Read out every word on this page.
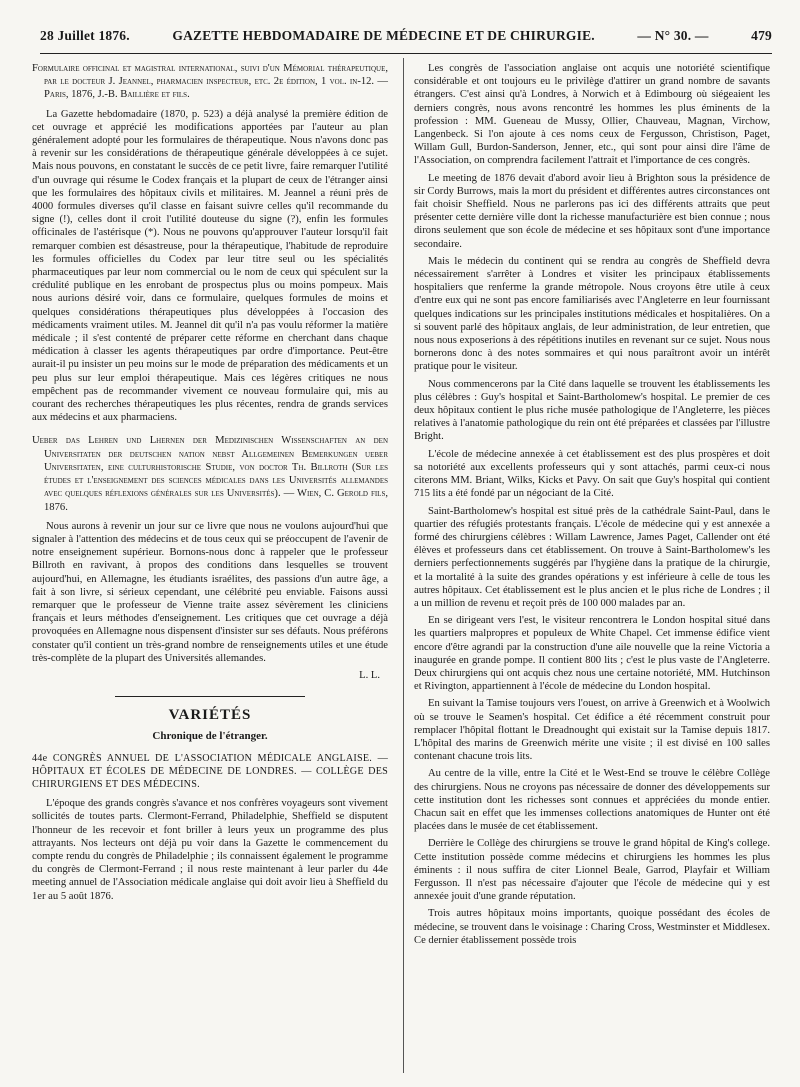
28 Juillet 1876.	GAZETTE HEBDOMADAIRE DE MÉDECINE ET DE CHIRURGIE.	— N° 30. —	479

Formulaire officinal et magistral international, suivi d'un Mémorial thérapeutique, par le docteur J. Jeannel, pharmacien inspecteur, etc. 2e édition, 1 vol. in-12. — Paris, 1876, J.-B. Baillière et fils.

La Gazette hebdomadaire (1870, p. 523) a déjà analysé la première édition de cet ouvrage et apprécié les modifications apportées par l'auteur au plan généralement adopté pour les formulaires de thérapeutique. Nous n'avons donc pas à revenir sur les considérations de thérapeutique générale développées à ce sujet. Mais nous pouvons, en constatant le succès de ce petit livre, faire remarquer l'utilité d'un ouvrage qui résume le Codex français et la plupart de ceux de l'étranger ainsi que les formulaires des hôpitaux civils et militaires. M. Jeannel a réuni près de 4000 formules diverses qu'il classe en faisant suivre celles qu'il recommande du signe (!), celles dont il croit l'utilité douteuse du signe (?), enfin les formules officinales de l'astérisque (*). Nous ne pouvons qu'approuver l'auteur lorsqu'il fait remarquer combien est désastreuse, pour la thérapeutique, l'habitude de reproduire les formules officielles du Codex par leur titre seul ou les spécialités pharmaceutiques par leur nom commercial ou le nom de ceux qui spéculent sur la crédulité publique en les enrobant de prospectus plus ou moins pompeux. Mais nous aurions désiré voir, dans ce formulaire, quelques formules de moins et quelques considérations thérapeutiques plus développées à l'occasion des médicaments vraiment utiles. M. Jeannel dit qu'il n'a pas voulu réformer la matière médicale ; il s'est contenté de préparer cette réforme en cherchant dans chaque médication à classer les agents thérapeutiques par ordre d'importance. Peut-être aurait-il pu insister un peu moins sur le mode de préparation des médicaments et un peu plus sur leur emploi thérapeutique. Mais ces légères critiques ne nous empêchent pas de recommander vivement ce nouveau formulaire qui, mis au courant des recherches thérapeutiques les plus récentes, rendra de grands services aux médecins et aux pharmaciens.

Ueber das Lehren und Lhernen der Medizinischen Wissenschaften an den Universitaten der deutschen nation nebst Allgemeinen Bemerkungen ueber Universitaten, eine culturhistorische Studie, von doctor Th. Billroth (Sur les études et l'enseignement des sciences médicales dans les Universités allemandes avec quelques réflexions générales sur les Universités). — Wien, C. Gerold fils, 1876.

Nous aurons à revenir un jour sur ce livre que nous ne voulons aujourd'hui que signaler à l'attention des médecins et de tous ceux qui se préoccupent de l'avenir de notre enseignement supérieur. Bornons-nous donc à rappeler que le professeur Billroth en ravivant, à propos des conditions dans lesquelles se trouvent aujourd'hui, en Allemagne, les étudiants israélites, des passions d'un autre âge, a fait à son livre, si sérieux cependant, une célébrité peu enviable. Faisons aussi remarquer que le professeur de Vienne traite assez sévèrement les cliniciens français et leurs méthodes d'enseignement. Les critiques que cet ouvrage a déjà provoquées en Allemagne nous dispensent d'insister sur ses défauts. Nous préférons constater qu'il contient un très-grand nombre de renseignements utiles et une étude très-complète de la plupart des Universités allemandes.

L. L.

VARIÉTÉS

Chronique de l'étranger.

44e CONGRÈS ANNUEL DE L'ASSOCIATION MÉDICALE ANGLAISE. — HÔPITAUX ET ÉCOLES DE MÉDECINE DE LONDRES. — COLLÈGE DES CHIRURGIENS ET DES MÉDECINS.

L'époque des grands congrès s'avance et nos confrères voyageurs sont vivement sollicités de toutes parts. Clermont-Ferrand, Philadelphie, Sheffield se disputent l'honneur de les recevoir et font briller à leurs yeux un programme des plus attrayants. Nos lecteurs ont déjà pu voir dans la Gazette le commencement du compte rendu du congrès de Philadelphie ; ils connaissent également le programme du congrès de Clermont-Ferrand ; il nous reste maintenant à leur parler du 44e meeting annuel de l'Association médicale anglaise qui doit avoir lieu à Sheffield du 1er au 5 août 1876.

Les congrès de l'association anglaise ont acquis une notoriété scientifique considérable et ont toujours eu le privilège d'attirer un grand nombre de savants étrangers. C'est ainsi qu'à Londres, à Norwich et à Edimbourg où siégeaient les derniers congrès, nous avons rencontré les hommes les plus éminents de la profession : MM. Gueneau de Mussy, Ollier, Chauveau, Magnan, Virchow, Langenbeck. Si l'on ajoute à ces noms ceux de Fergusson, Christison, Paget, Willam Gull, Burdon-Sanderson, Jenner, etc., qui sont pour ainsi dire l'âme de l'Association, on comprendra facilement l'attrait et l'importance de ces congrès.

Le meeting de 1876 devait d'abord avoir lieu à Brighton sous la présidence de sir Cordy Burrows, mais la mort du président et différentes autres circonstances ont fait choisir Sheffield. Nous ne parlerons pas ici des différents attraits que peut présenter cette dernière ville dont la richesse manufacturière est bien connue ; nous dirons seulement que son école de médecine et ses hôpitaux sont d'une importance secondaire.

Mais le médecin du continent qui se rendra au congrès de Sheffield devra nécessairement s'arrêter à Londres et visiter les principaux établissements hospitaliers que renferme la grande métropole. Nous croyons être utile à ceux d'entre eux qui ne sont pas encore familiarisés avec l'Angleterre en leur fournissant quelques indications sur les principales institutions médicales et hospitalières. On a si souvent parlé des hôpitaux anglais, de leur administration, de leur entretien, que nous nous exposerions à des répétitions inutiles en revenant sur ce sujet. Nous nous bornerons donc à des notes sommaires et qui nous paraîtront avoir un intérêt pratique pour le visiteur.

Nous commencerons par la Cité dans laquelle se trouvent les établissements les plus célèbres : Guy's hospital et Saint-Bartholomew's hospital. Le premier de ces deux hôpitaux contient le plus riche musée pathologique de l'Angleterre, les pièces relatives à l'anatomie pathologique du rein ont été préparées et classées par l'illustre Bright.

L'école de médecine annexée à cet établissement est des plus prospères et doit sa notoriété aux excellents professeurs qui y sont attachés, parmi ceux-ci nous citerons MM. Briant, Wilks, Kicks et Pavy. On sait que Guy's hospital qui contient 715 lits a été fondé par un négociant de la Cité.

Saint-Bartholomew's hospital est situé près de la cathédrale Saint-Paul, dans le quartier des réfugiés protestants français. L'école de médecine qui y est annexée a formé des chirurgiens célèbres : Willam Lawrence, James Paget, Callender ont été élèves et professeurs dans cet établissement. On trouve à Saint-Bartholomew's les derniers perfectionnements suggérés par l'hygiène dans la pratique de la chirurgie, et la mortalité à la suite des grandes opérations y est inférieure à celle de tous les autres hôpitaux. Cet établissement est le plus ancien et le plus riche de Londres ; il a un million de revenu et reçoit près de 100 000 malades par an.

En se dirigeant vers l'est, le visiteur rencontrera le London hospital situé dans les quartiers malpropres et populeux de White Chapel. Cet immense édifice vient encore d'être agrandi par la construction d'une aile nouvelle que la reine Victoria a inaugurée en grande pompe. Il contient 800 lits ; c'est le plus vaste de l'Angleterre. Deux chirurgiens qui ont acquis chez nous une certaine notoriété, MM. Hutchinson et Rivington, appartiennent à l'école de médecine du London hospital.

En suivant la Tamise toujours vers l'ouest, on arrive à Greenwich et à Woolwich où se trouve le Seamen's hospital. Cet édifice a été récemment construit pour remplacer l'hôpital flottant le Dreadnought qui existait sur la Tamise depuis 1817. L'hôpital des marins de Greenwich mérite une visite ; il est divisé en 100 salles contenant chacune trois lits.

Au centre de la ville, entre la Cité et le West-End se trouve le célèbre Collège des chirurgiens. Nous ne croyons pas nécessaire de donner des développements sur cette institution dont les richesses sont connues et appréciées du monde entier. Chacun sait en effet que les immenses collections anatomiques de Hunter ont été placées dans le musée de cet établissement.

Derrière le Collège des chirurgiens se trouve le grand hôpital de King's college. Cette institution possède comme médecins et chirurgiens les hommes les plus éminents : il nous suffira de citer Lionnel Beale, Garrod, Playfair et William Fergusson. Il n'est pas nécessaire d'ajouter que l'école de médecine qui y est annexée jouit d'une grande réputation.

Trois autres hôpitaux moins importants, quoique possédant des écoles de médecine, se trouvent dans le voisinage : Charing Cross, Westminster et Middlesex. Ce dernier établissement possède trois
